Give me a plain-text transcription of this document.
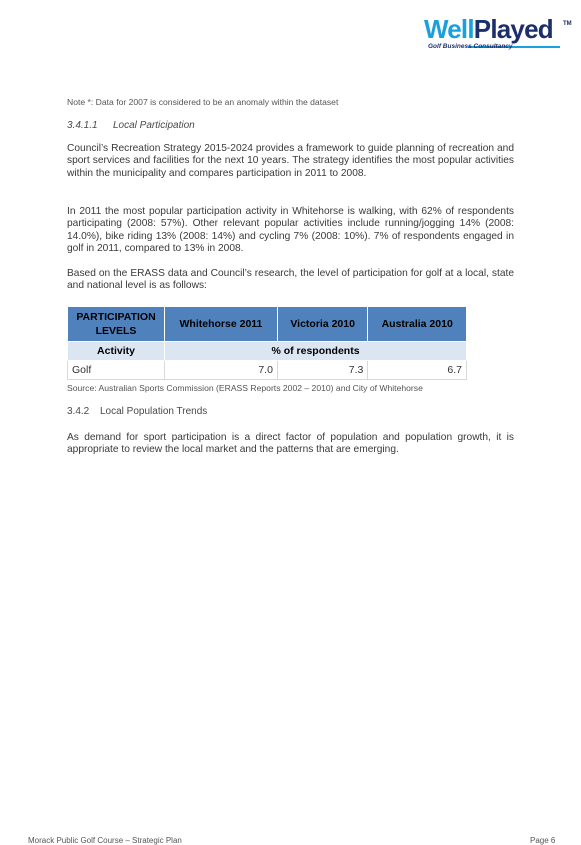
WellPlayed	TM
Golf Business Consultancy

Note *: Data for 2007 is considered to be an anomaly within the dataset

3.4.1.1 Local Participation

Council’s Recreation Strategy 2015-2024 provides a framework to guide planning of recreation and sport services and facilities for the next 10 years. The strategy identifies the most popular activities within the municipality and compares participation in 2011 to 2008.

In 2011 the most popular participation activity in Whitehorse is walking, with 62% of respondents participating (2008: 57%). Other relevant popular activities include running/jogging 14% (2008: 14.0%), bike riding 13% (2008: 14%) and cycling 7% (2008: 10%). 7% of respondents engaged in golf in 2011, compared to 13% in 2008.

Based on the ERASS data and Council’s research, the level of participation for golf at a local, state and national level is as follows:

PARTICIPATION LEVELS	Whitehorse 2011	Victoria 2010	Australia 2010
Activity	% of respondents		
Golf	7.0	7.3	6.7
Source: Australian Sports Commission (ERASS Reports 2002 – 2010) and City of Whitehorse

3.4.2 Local Population Trends

As demand for sport participation is a direct factor of population and population growth, it is appropriate to review the local market and the patterns that are emerging.

Morack Public Golf Course – Strategic Plan	Page 6
